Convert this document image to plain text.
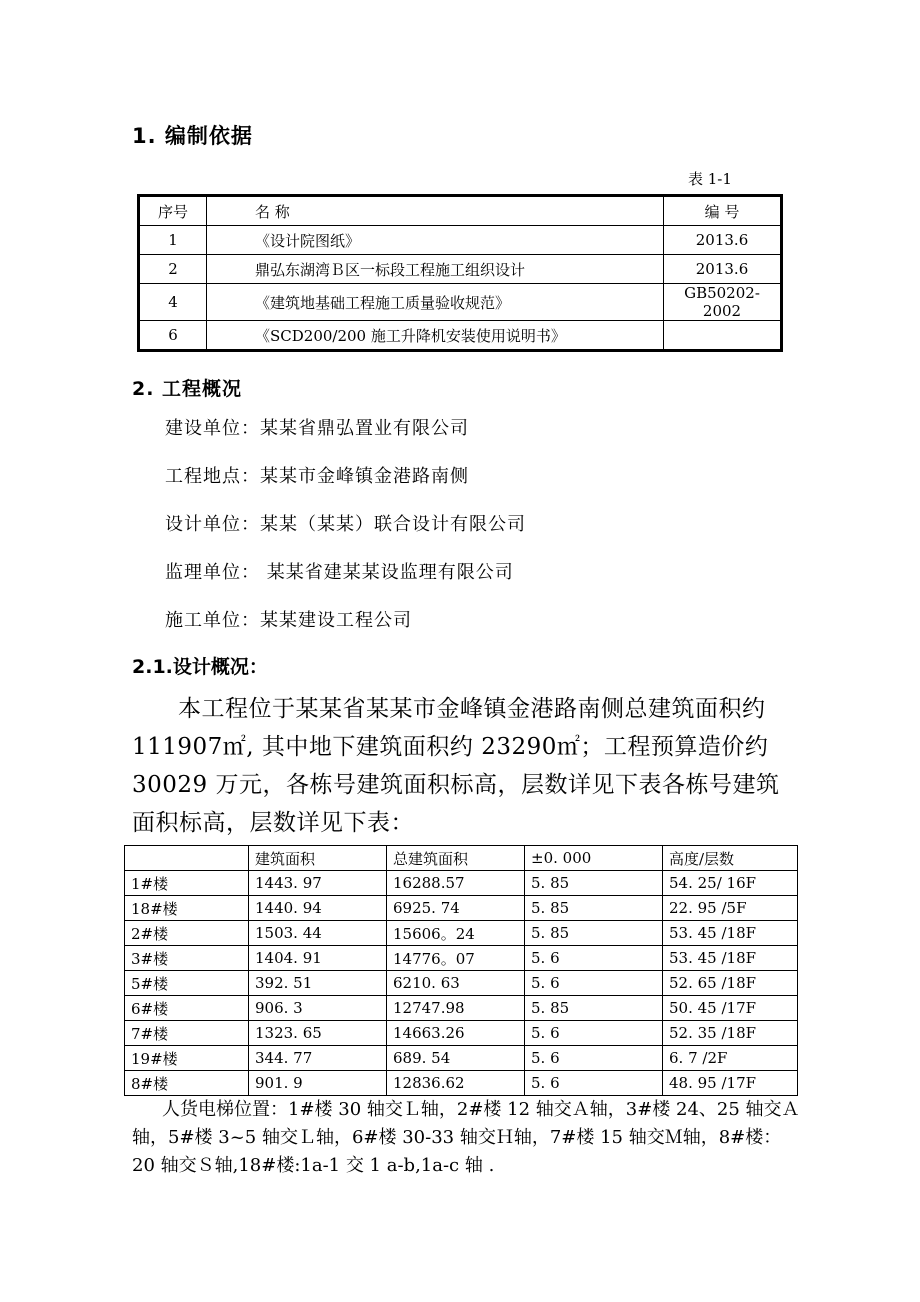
1. 编制依据
表 1-1
序号	名 称	编 号
1	《设计院图纸》	2013.6
2	鼎弘东湖湾Ｂ区一标段工程施工组织设计	2013.6
4	《建筑地基础工程施工质量验收规范》	GB50202-2002
6	《SCD200/200 施工升降机安装使用说明书》	
2. 工程概况
建设单位：某某省鼎弘置业有限公司
工程地点：某某市金峰镇金港路南侧
设计单位：某某（某某）联合设计有限公司
监理单位： 某某省建某某设监理有限公司
施工单位：某某建设工程公司
2.1.设计概况：
本工程位于某某省某某市金峰镇金港路南侧总建筑面积约111907㎡, 其中地下建筑面积约 23290㎡；工程预算造价约 30029 万元，各栋号建筑面积标高，层数详见下表各栋号建筑面积标高，层数详见下表：
	建筑面积	总建筑面积	±0. 000	高度/层数
1#楼	1443. 97	16288.57	5. 85	54. 25/ 16F
18#楼	1440. 94	6925. 74	5. 85	22. 95 /5F
2#楼	1503. 44	15606。24	5. 85	53. 45 /18F
3#楼	1404. 91	14776。07	5. 6	53. 45 /18F
5#楼	392. 51	6210. 63	5. 6	52. 65 /18F
6#楼	906. 3	12747.98	5. 85	50. 45 /17F
7#楼	1323. 65	14663.26	5. 6	52. 35 /18F
19#楼	344. 77	689. 54	5. 6	6. 7 /2F
8#楼	901. 9	12836.62	5. 6	48. 95 /17F
人货电梯位置：1#楼 30 轴交Ｌ轴，2#楼 12 轴交Ａ轴，3#楼 24、25 轴交Ａ轴，5#楼 3~5 轴交Ｌ轴，6#楼 30-33 轴交Ｈ轴，7#楼 15 轴交Ｍ轴，8#楼：20 轴交Ｓ轴,18#楼:1a-1 交 1 a-b,1a-c 轴 .
